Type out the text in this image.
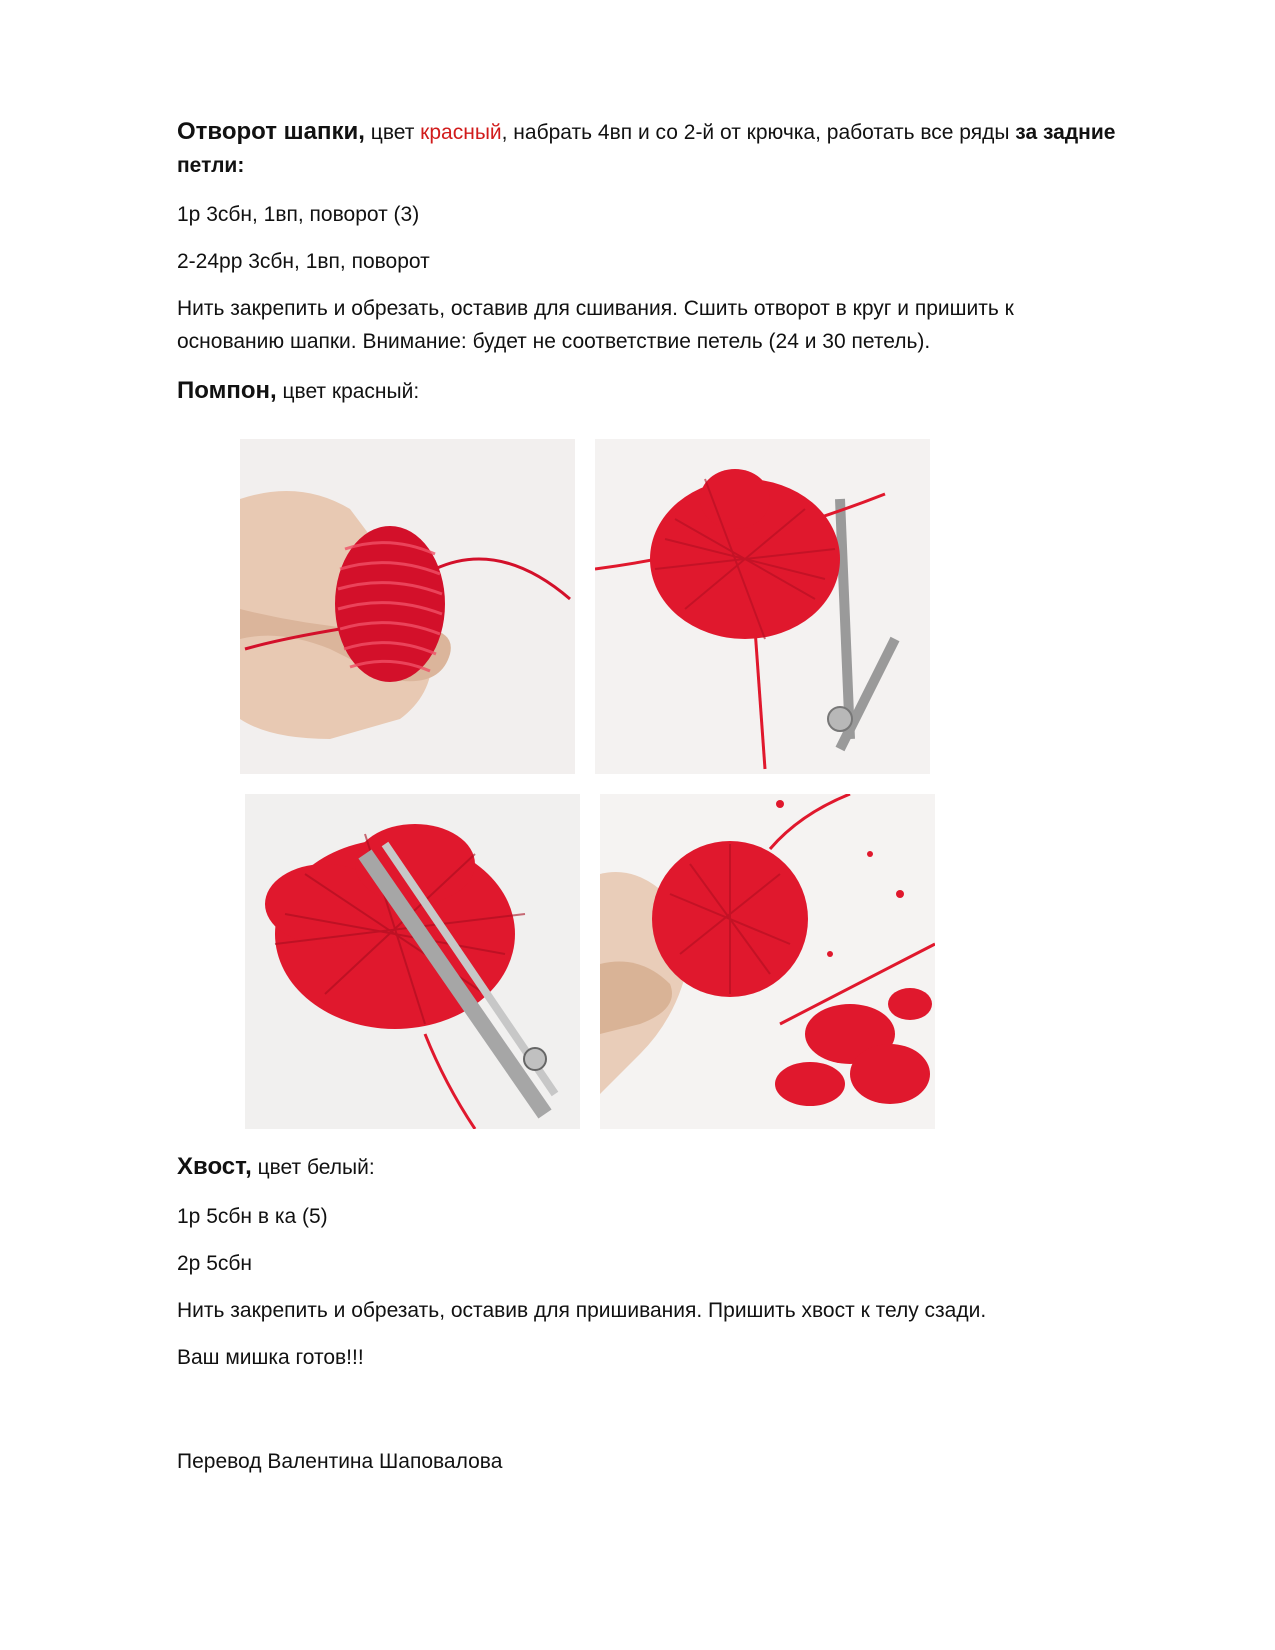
Отворот шапки, цвет красный, набрать 4вп и со 2-й от крючка, работать все ряды за задние петли:

1р 3сбн, 1вп, поворот (3)

2-24рр 3сбн, 1вп, поворот

Нить закрепить и обрезать, оставив для сшивания. Сшить отворот в круг и пришить к основанию шапки. Внимание: будет не соответствие петель (24 и 30 петель).

Помпон, цвет красный:

Хвост, цвет белый:

1р 5сбн в ка (5)

2р 5сбн

Нить закрепить и обрезать, оставив для пришивания. Пришить хвост к телу сзади.

Ваш мишка готов!!!

Перевод Валентина Шаповалова
